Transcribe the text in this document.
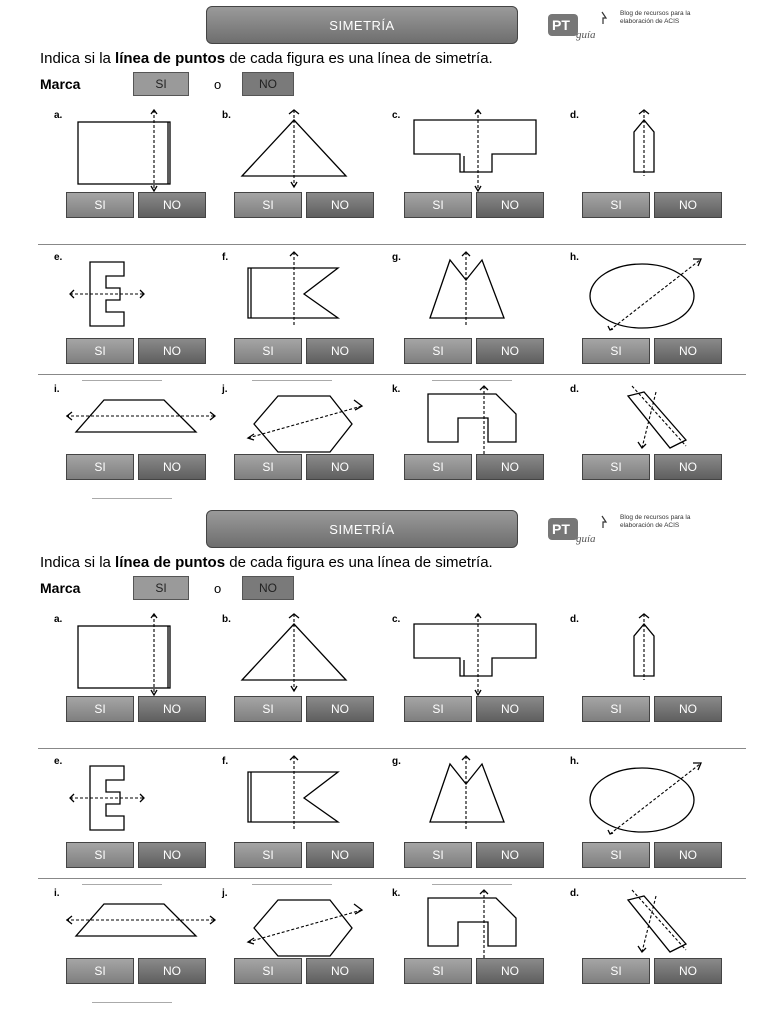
SIMETRÍA	PT
guía
Blog de recursos para la
elaboración de ACIS
Indica si la línea de puntos de cada figura es una línea de simetría.
Marca	SI	o	NO
a.
SI	NO
b.
SI	NO
c.
SI	NO
d.
SI	NO
e.
SI	NO
f.
SI	NO
g.
SI	NO
h.
SI	NO
i.
SI	NO
j.
SI	NO
k.
SI	NO
d.
SI	NO
SIMETRÍA	PT
guía
Blog de recursos para la
elaboración de ACIS
Indica si la línea de puntos de cada figura es una línea de simetría.
Marca	SI	o	NO
a.
SI	NO
b.
SI	NO
c.
SI	NO
d.
SI	NO
e.
SI	NO
f.
SI	NO
g.
SI	NO
h.
SI	NO
i.
SI	NO
j.
SI	NO
k.
SI	NO
d.
SI	NO
